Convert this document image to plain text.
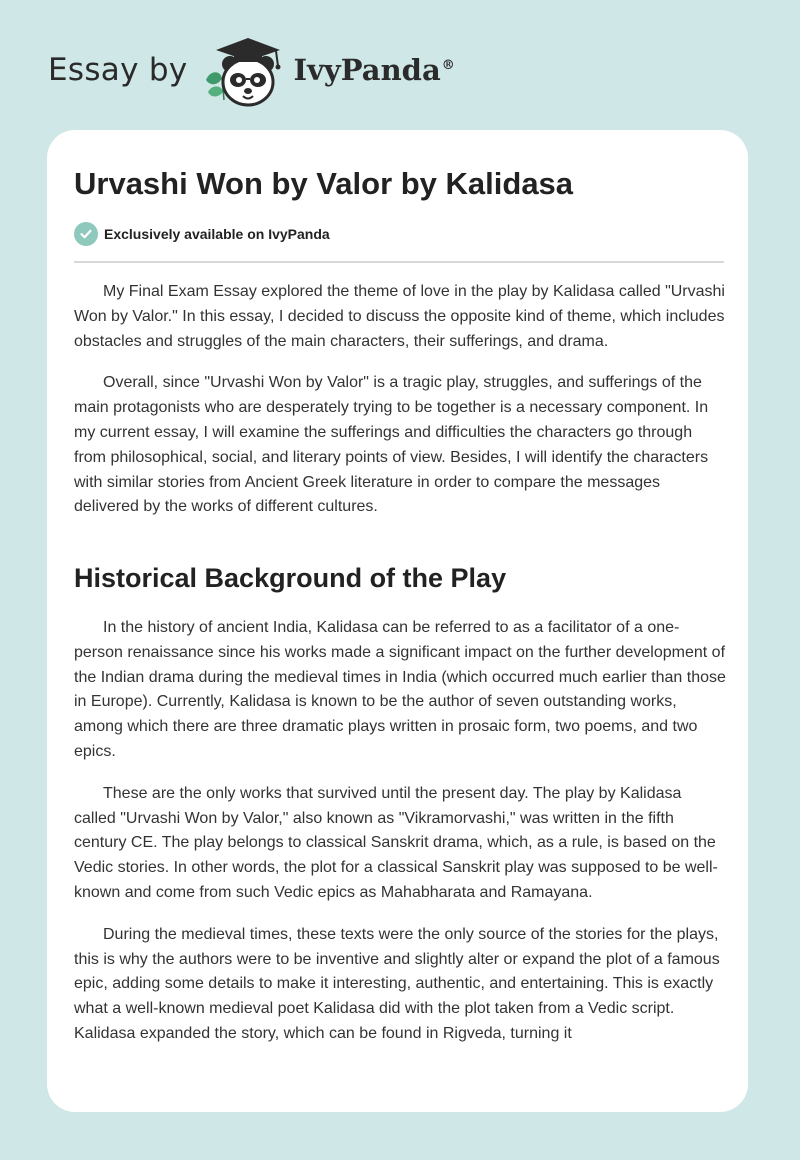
Essay by	IvyPanda®
Urvashi Won by Valor by Kalidasa
Exclusively available on IvyPanda

My Final Exam Essay explored the theme of love in the play by Kalidasa called "Urvashi Won by Valor." In this essay, I decided to discuss the opposite kind of theme, which includes obstacles and struggles of the main characters, their sufferings, and drama.

Overall, since "Urvashi Won by Valor" is a tragic play, struggles, and sufferings of the main protagonists who are desperately trying to be together is a necessary component. In my current essay, I will examine the sufferings and difficulties the characters go through from philosophical, social, and literary points of view. Besides, I will identify the characters with similar stories from Ancient Greek literature in order to compare the messages delivered by the works of different cultures.

Historical Background of the Play

In the history of ancient India, Kalidasa can be referred to as a facilitator of a one-person renaissance since his works made a significant impact on the further development of the Indian drama during the medieval times in India (which occurred much earlier than those in Europe). Currently, Kalidasa is known to be the author of seven outstanding works, among which there are three dramatic plays written in prosaic form, two poems, and two epics.

These are the only works that survived until the present day. The play by Kalidasa called "Urvashi Won by Valor," also known as "Vikramorvashi," was written in the fifth century CE. The play belongs to classical Sanskrit drama, which, as a rule, is based on the Vedic stories. In other words, the plot for a classical Sanskrit play was supposed to be well-known and come from such Vedic epics as Mahabharata and Ramayana.

During the medieval times, these texts were the only source of the stories for the plays, this is why the authors were to be inventive and slightly alter or expand the plot of a famous epic, adding some details to make it interesting, authentic, and entertaining. This is exactly what a well-known medieval poet Kalidasa did with the plot taken from a Vedic script. Kalidasa expanded the story, which can be found in Rigveda, turning it
